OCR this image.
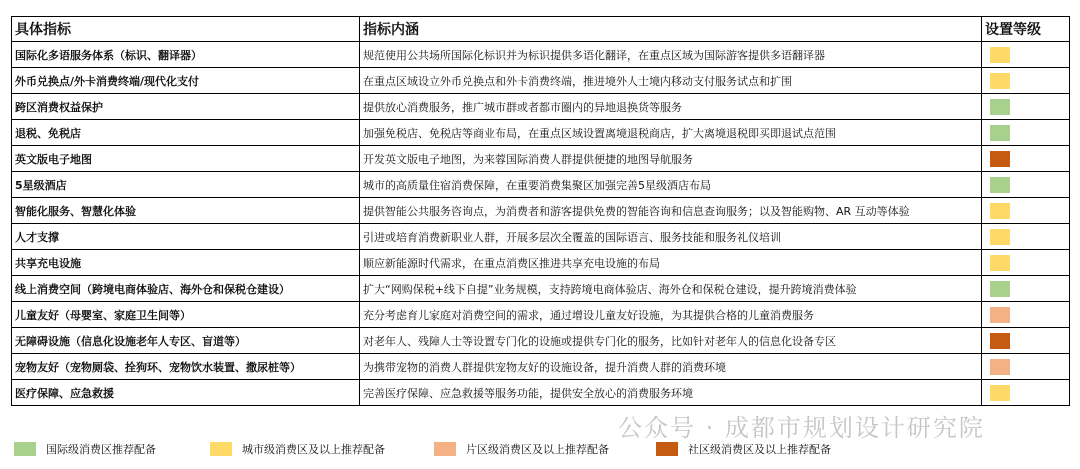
具体指标	指标内涵	设置等级
国际化多语服务体系（标识、翻译器）	规范使用公共场所国际化标识并为标识提供多语化翻译，在重点区域为国际游客提供多语翻译器	

外币兑换点/外卡消费终端/现代化支付	在重点区域设立外币兑换点和外卡消费终端，推进境外人士境内移动支付服务试点和扩围	

跨区消费权益保护	提供放心消费服务，推广城市群或者都市圈内的异地退换货等服务	

退税、免税店	加强免税店、免税店等商业布局，在重点区域设置离境退税商店，扩大离境退税即买即退试点范围	

英文版电子地图	开发英文版电子地图，为来蓉国际消费人群提供便捷的地图导航服务	

5星级酒店	城市的高质量住宿消费保障，在重要消费集聚区加强完善5星级酒店布局	

智能化服务、智慧化体验	提供智能公共服务咨询点，为消费者和游客提供免费的智能咨询和信息查询服务；以及智能购物、AR 互动等体验	

人才支撑	引进或培育消费新职业人群，开展多层次全覆盖的国际语言、服务技能和服务礼仪培训	

共享充电设施	顺应新能源时代需求，在重点消费区推进共享充电设施的布局	

线上消费空间（跨境电商体验店、海外仓和保税仓建设）	扩大“网购保税+线下自提”业务规模，支持跨境电商体验店、海外仓和保税仓建设，提升跨境消费体验	

儿童友好（母婴室、家庭卫生间等）	充分考虑育儿家庭对消费空间的需求，通过增设儿童友好设施，为其提供合格的儿童消费服务	

无障碍设施（信息化设施老年人专区、盲道等）	对老年人、残障人士等设置专门化的设施或提供专门化的服务，比如针对老年人的信息化设备专区	

宠物友好（宠物厕袋、拴狗环、宠物饮水装置、撒尿桩等）	为携带宠物的消费人群提供宠物友好的设施设备，提升消费人群的消费环境	

医疗保障、应急救援	完善医疗保障、应急救援等服务功能，提供安全放心的消费服务环境	
国际级消费区推荐配备	城市级消费区及以上推荐配备	片区级消费区及以上推荐配备	社区级消费区及以上推荐配备
公众号 · 成都市规划设计研究院
